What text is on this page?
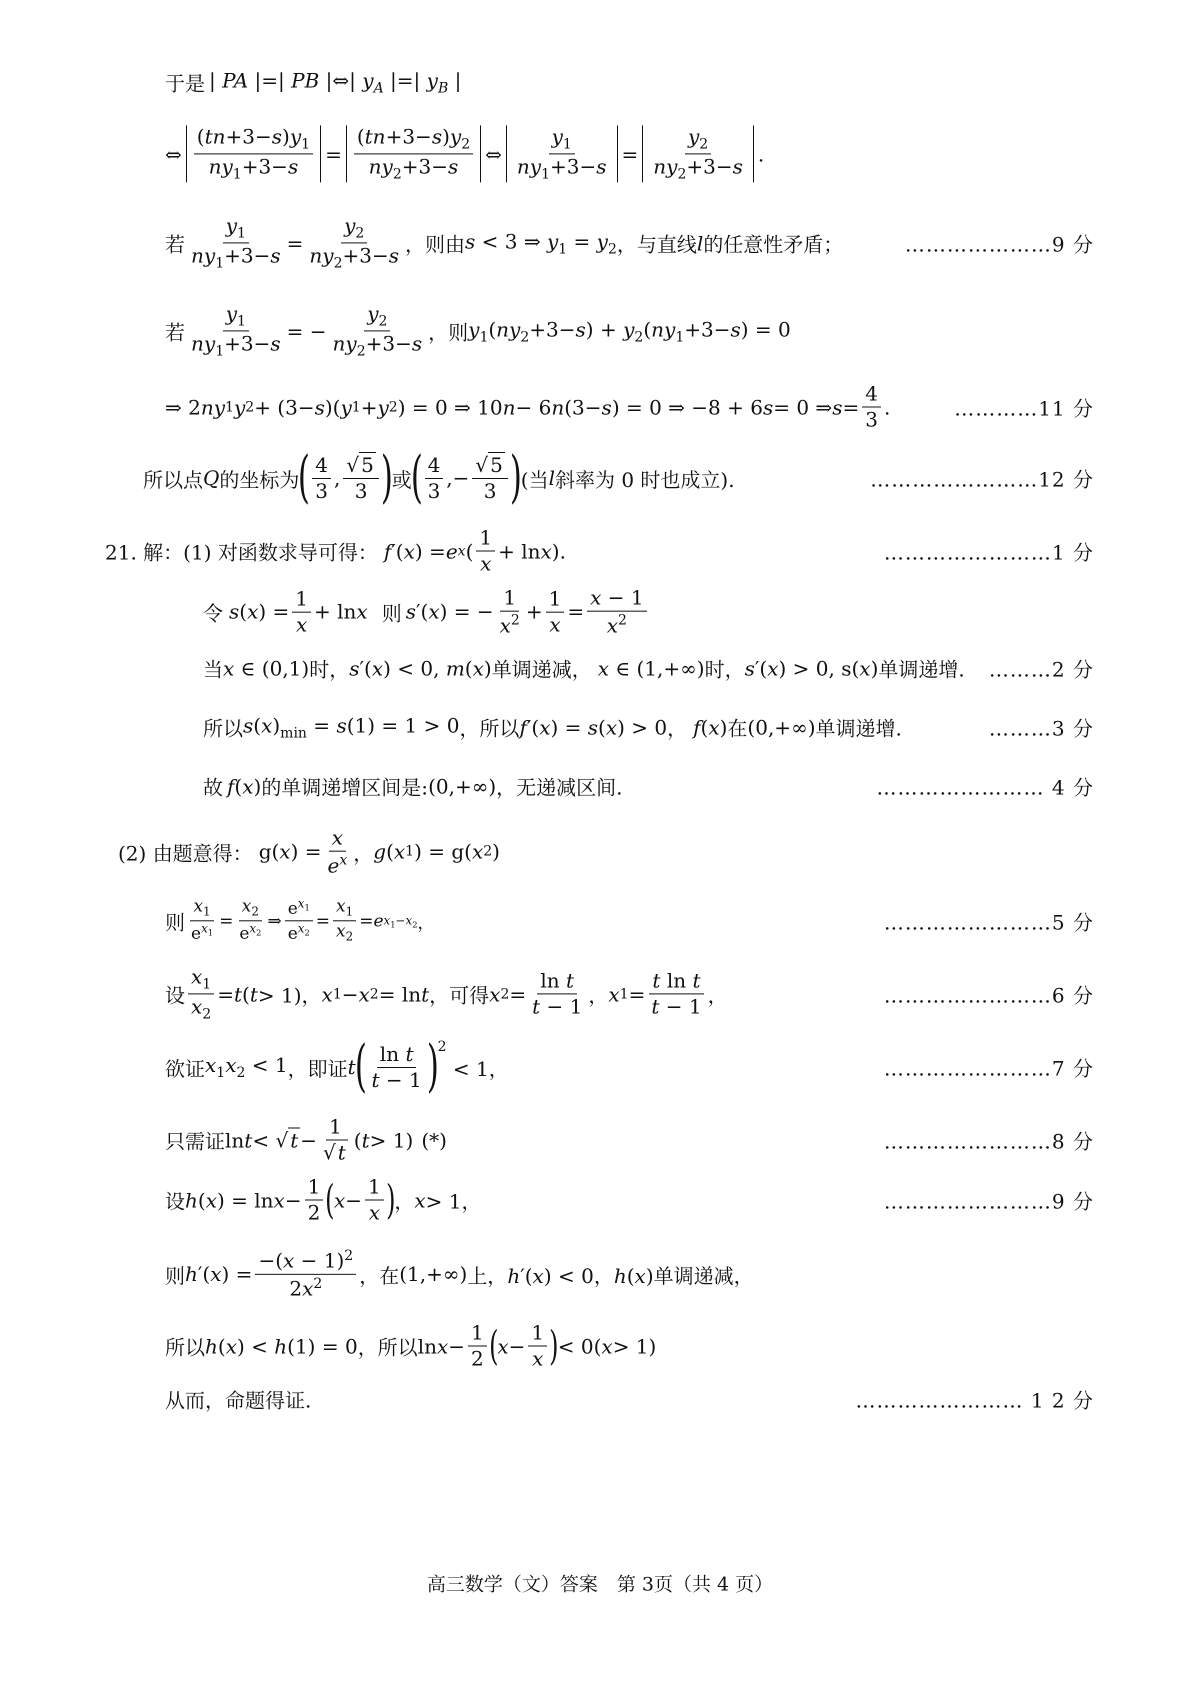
于是 | PA |=| PB |⇔| $y_A$ |=| $y_B$ |
⇔ $\frac{(tn+3-s)y_1}{ny_1+3-s} = \frac{(tn+3-s)y_2}{ny_2+3-s}$ ⇔ $\frac{y_1}{ny_1+3-s} = \frac{y_2}{ny_2+3-s}$ .
若 $\frac{y_1}{ny_1+3-s} = \frac{y_2}{ny_2+3-s}$ ，则由 s < 3 ⇒ $y_1 = y_2$ ，与直线 l 的任意性矛盾；	…………………9 分
若 $\frac{y_1}{ny_1+3-s}$ = − $\frac{y_2}{ny_2+3-s}$ ，则 $y_1(ny_2+3-s) + y_2(ny_1+3-s) = 0$
⇒ 2 ny 1 y 2 + (3− s )( y 1 + y 2 ) = 0 ⇒ 10 n − 6 n (3− s ) = 0 ⇒ −8 + 6 s = 0 ⇒ $s = \frac{4}{3}$ .	…………11 分
所以点 Q 的坐标为
( $\frac{4}{3}$ , $\frac{√ 5}{3}$ )
或
( $\frac{4}{3}$ ,− $\frac{√ 5}{3}$ )
(当 l 斜率为 0 时也成立).	……………………12 分
21. 解：(1) 对函数求导可得： f ′( x ) = e x ( $\frac{1}{x} + \ln x$ ).	……………………1 分
令 s ( x ) = $\frac{1}{x} + \ln x$ 则 s ′( x ) = − $\frac{1}{x^2} + \frac{1}{x} = \frac{x - 1}{x^2}$
当 x ∈ (0,1) 时， s′(x) < 0, m(x) 单调递减， x ∈ (1,+∞) 时， s′(x) > 0, s(x) 单调递增. ………2 分
所以 $s(x)_{min} = s(1) = 1 > 0$ ，所以 f′(x) = s(x) > 0 ， f(x) 在 (0,+∞) 单调递增.	………3 分
故 f(x) 的单调递增区间是: (0,+∞) ，无递减区间.	…………………… 4 分
(2) 由题意得： g( x ) = $\frac{x}{e^x}$ ， g ( x 1 ) = g( x 2 )
则 $\frac{x_1}{e^{x_1}} = \frac{x_2}{e^{x_2}}$ ⇒ $\frac{e^{x_1}}{e^{x_2}} = \frac{x_1}{x_2} = e$ $x_1-x_2$ ，	……………………5 分
设 $\frac{x_1}{x_2} = t$ ( t > 1)， x 1 − x 2 = ln t ，可得 x $2 = \frac{\text{ln t}}{t - 1}$ ， x $1 = \frac{\text{t ln t}}{t - 1}$ ，	……………………6 分
欲证 $x_1x_2 < 1$ ，即证 t
( $\frac{\text{ln t}}{t - 1}$ )
2
< 1，	……………………7 分
只需证 ln t < √ $t - \frac{1}{√ t}$ ( t > 1) (*)	……………………8 分
设 h ( x ) = $\ln x - \frac{1}{2}$ ( $x - \frac{1}{x}$ ) ， x > 1，	……………………9 分
则 h ′( x ) = $\frac{-(x - 1)^2}{2x^2}$ ，在 (1,+∞) 上， h′(x) < 0，h(x) 单调递减，
所以 h(x) < h(1) = 0 ，所以 $\ln x - \frac{1}{2}$ ( $x - \frac{1}{x}$ ) < 0( x > 1)
从而，命题得证.	…………………… 1 2 分
高三数学（文）答案　第 3页（共 4 页）
